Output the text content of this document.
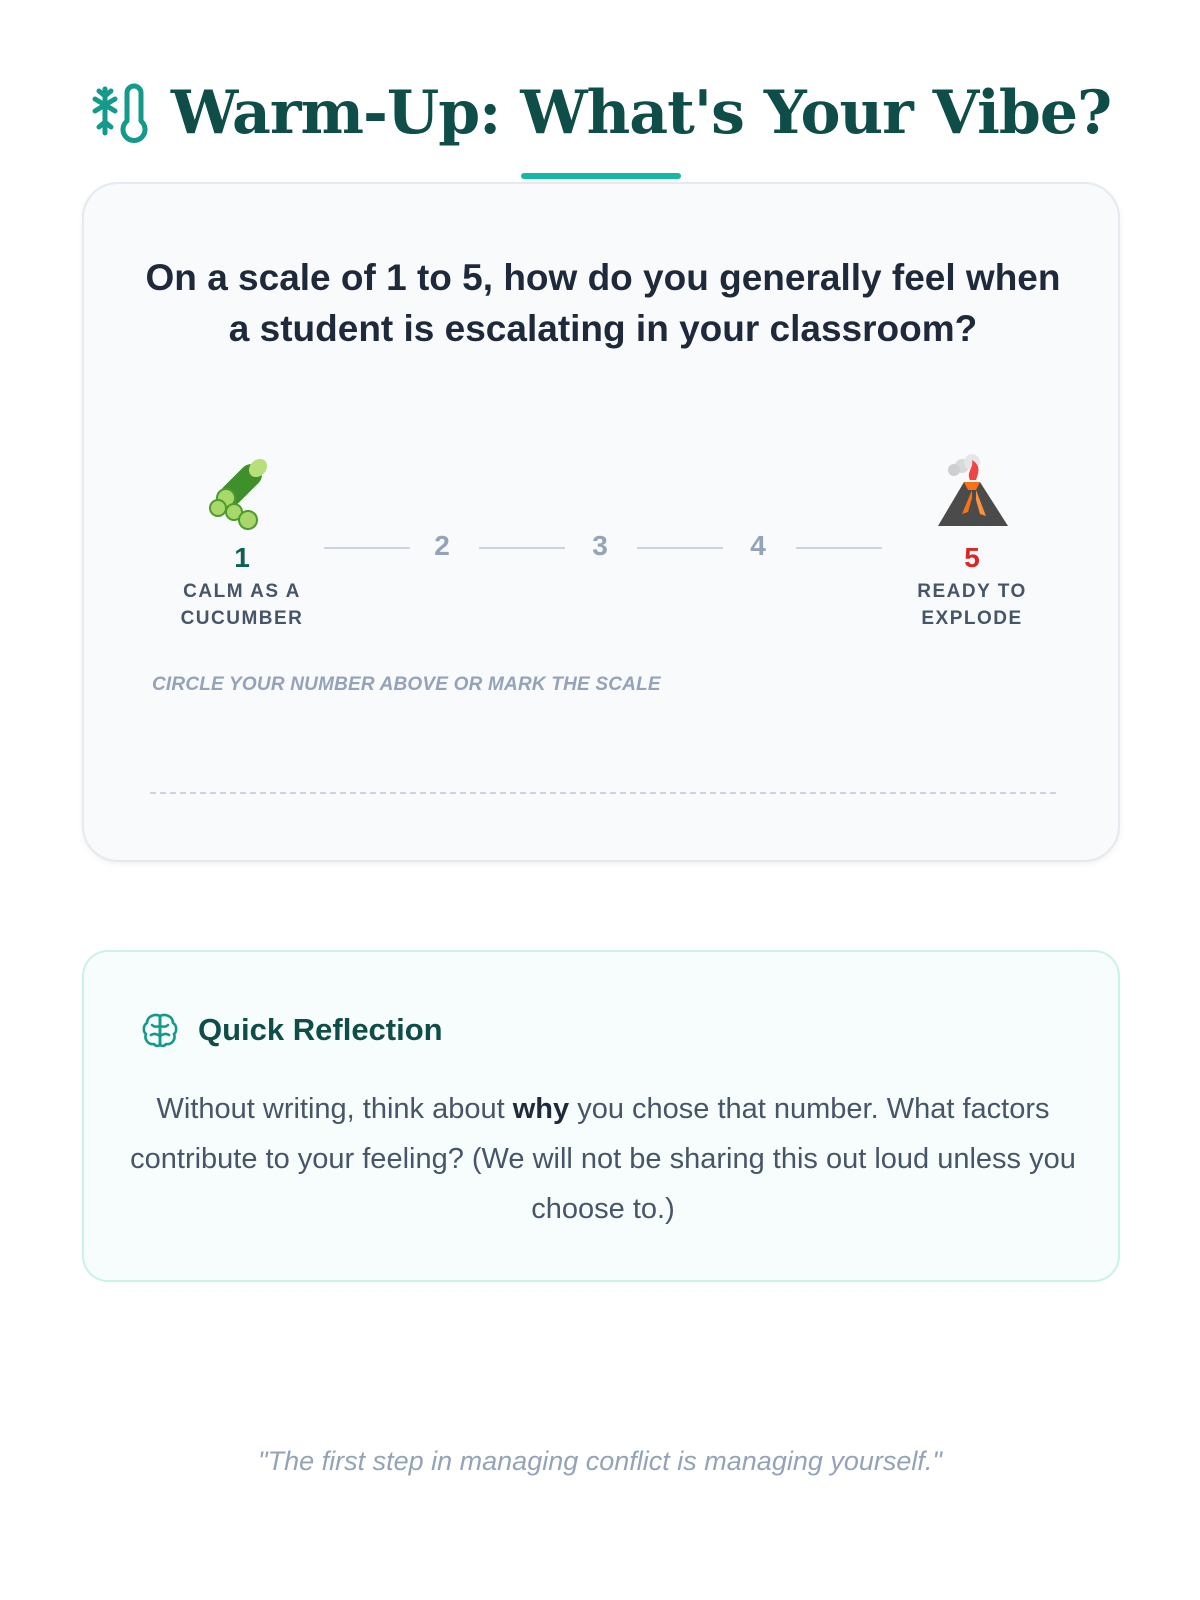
Warm-Up: What's Your Vibe?
On a scale of 1 to 5, how do you generally feel when a student is escalating in your classroom?
1
CALM AS A
CUCUMBER
2	3	4	5
READY TO
EXPLODE
CIRCLE YOUR NUMBER ABOVE OR MARK THE SCALE
Quick Reflection
Without writing, think about why you chose that number. What factors contribute to your feeling? (We will not be sharing this out loud unless you choose to.)
"The first step in managing conflict is managing yourself."
